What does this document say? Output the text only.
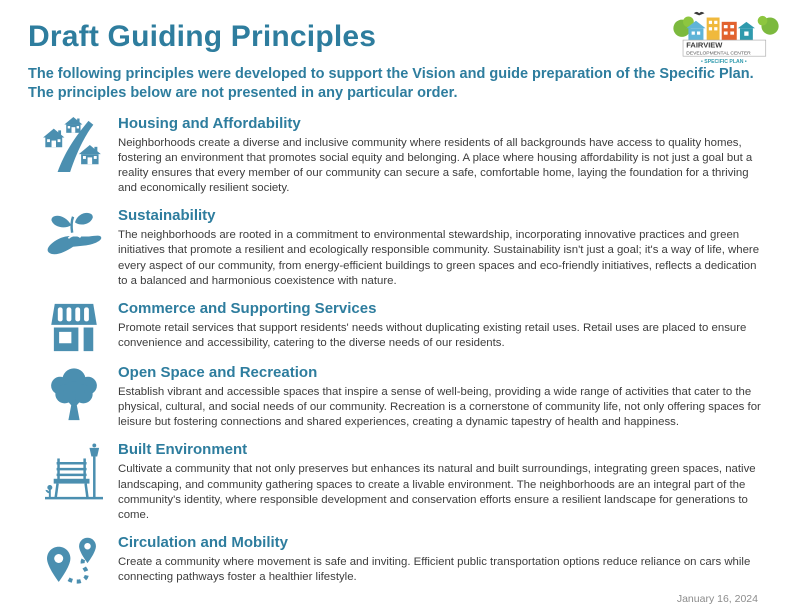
FAIRVIEW
DEVELOPMENTAL CENTER
• SPECIFIC PLAN •
Draft Guiding Principles
The following principles were developed to support the Vision and guide preparation of the Specific Plan.
The principles below are not presented in any particular order.
Housing and Affordability
Neighborhoods create a diverse and inclusive community where residents of all backgrounds have access to quality homes, fostering an environment that promotes social equity and belonging. A place where housing affordability is not just a goal but a reality ensures that every member of our community can secure a safe, comfortable home, laying the foundation for a thriving and economically resilient society.
Sustainability
The neighborhoods are rooted in a commitment to environmental stewardship, incorporating innovative practices and green initiatives that promote a resilient and ecologically responsible community. Sustainability isn't just a goal; it's a way of life, where every aspect of our community, from energy-efficient buildings to green spaces and eco-friendly initiatives, reflects a dedication to a balanced and harmonious coexistence with nature.
Commerce and Supporting Services
Promote retail services that support residents' needs without duplicating existing retail uses. Retail uses are placed to ensure convenience and accessibility, catering to the diverse needs of our residents.
Open Space and Recreation
Establish vibrant and accessible spaces that inspire a sense of well-being, providing a wide range of activities that cater to the physical, cultural, and social needs of our community. Recreation is a cornerstone of community life, not only offering spaces for leisure but fostering connections and shared experiences, creating a dynamic tapestry of health and happiness.
Built Environment
Cultivate a community that not only preserves but enhances its natural and built surroundings, integrating green spaces, native landscaping, and community gathering spaces to create a livable environment. The neighborhoods are an integral part of the community's identity, where responsible development and conservation efforts ensure a resilient landscape for generations to come.
Circulation and Mobility
Create a community where movement is safe and inviting. Efficient public transportation options reduce reliance on cars while connecting pathways foster a healthier lifestyle.
January 16, 2024
